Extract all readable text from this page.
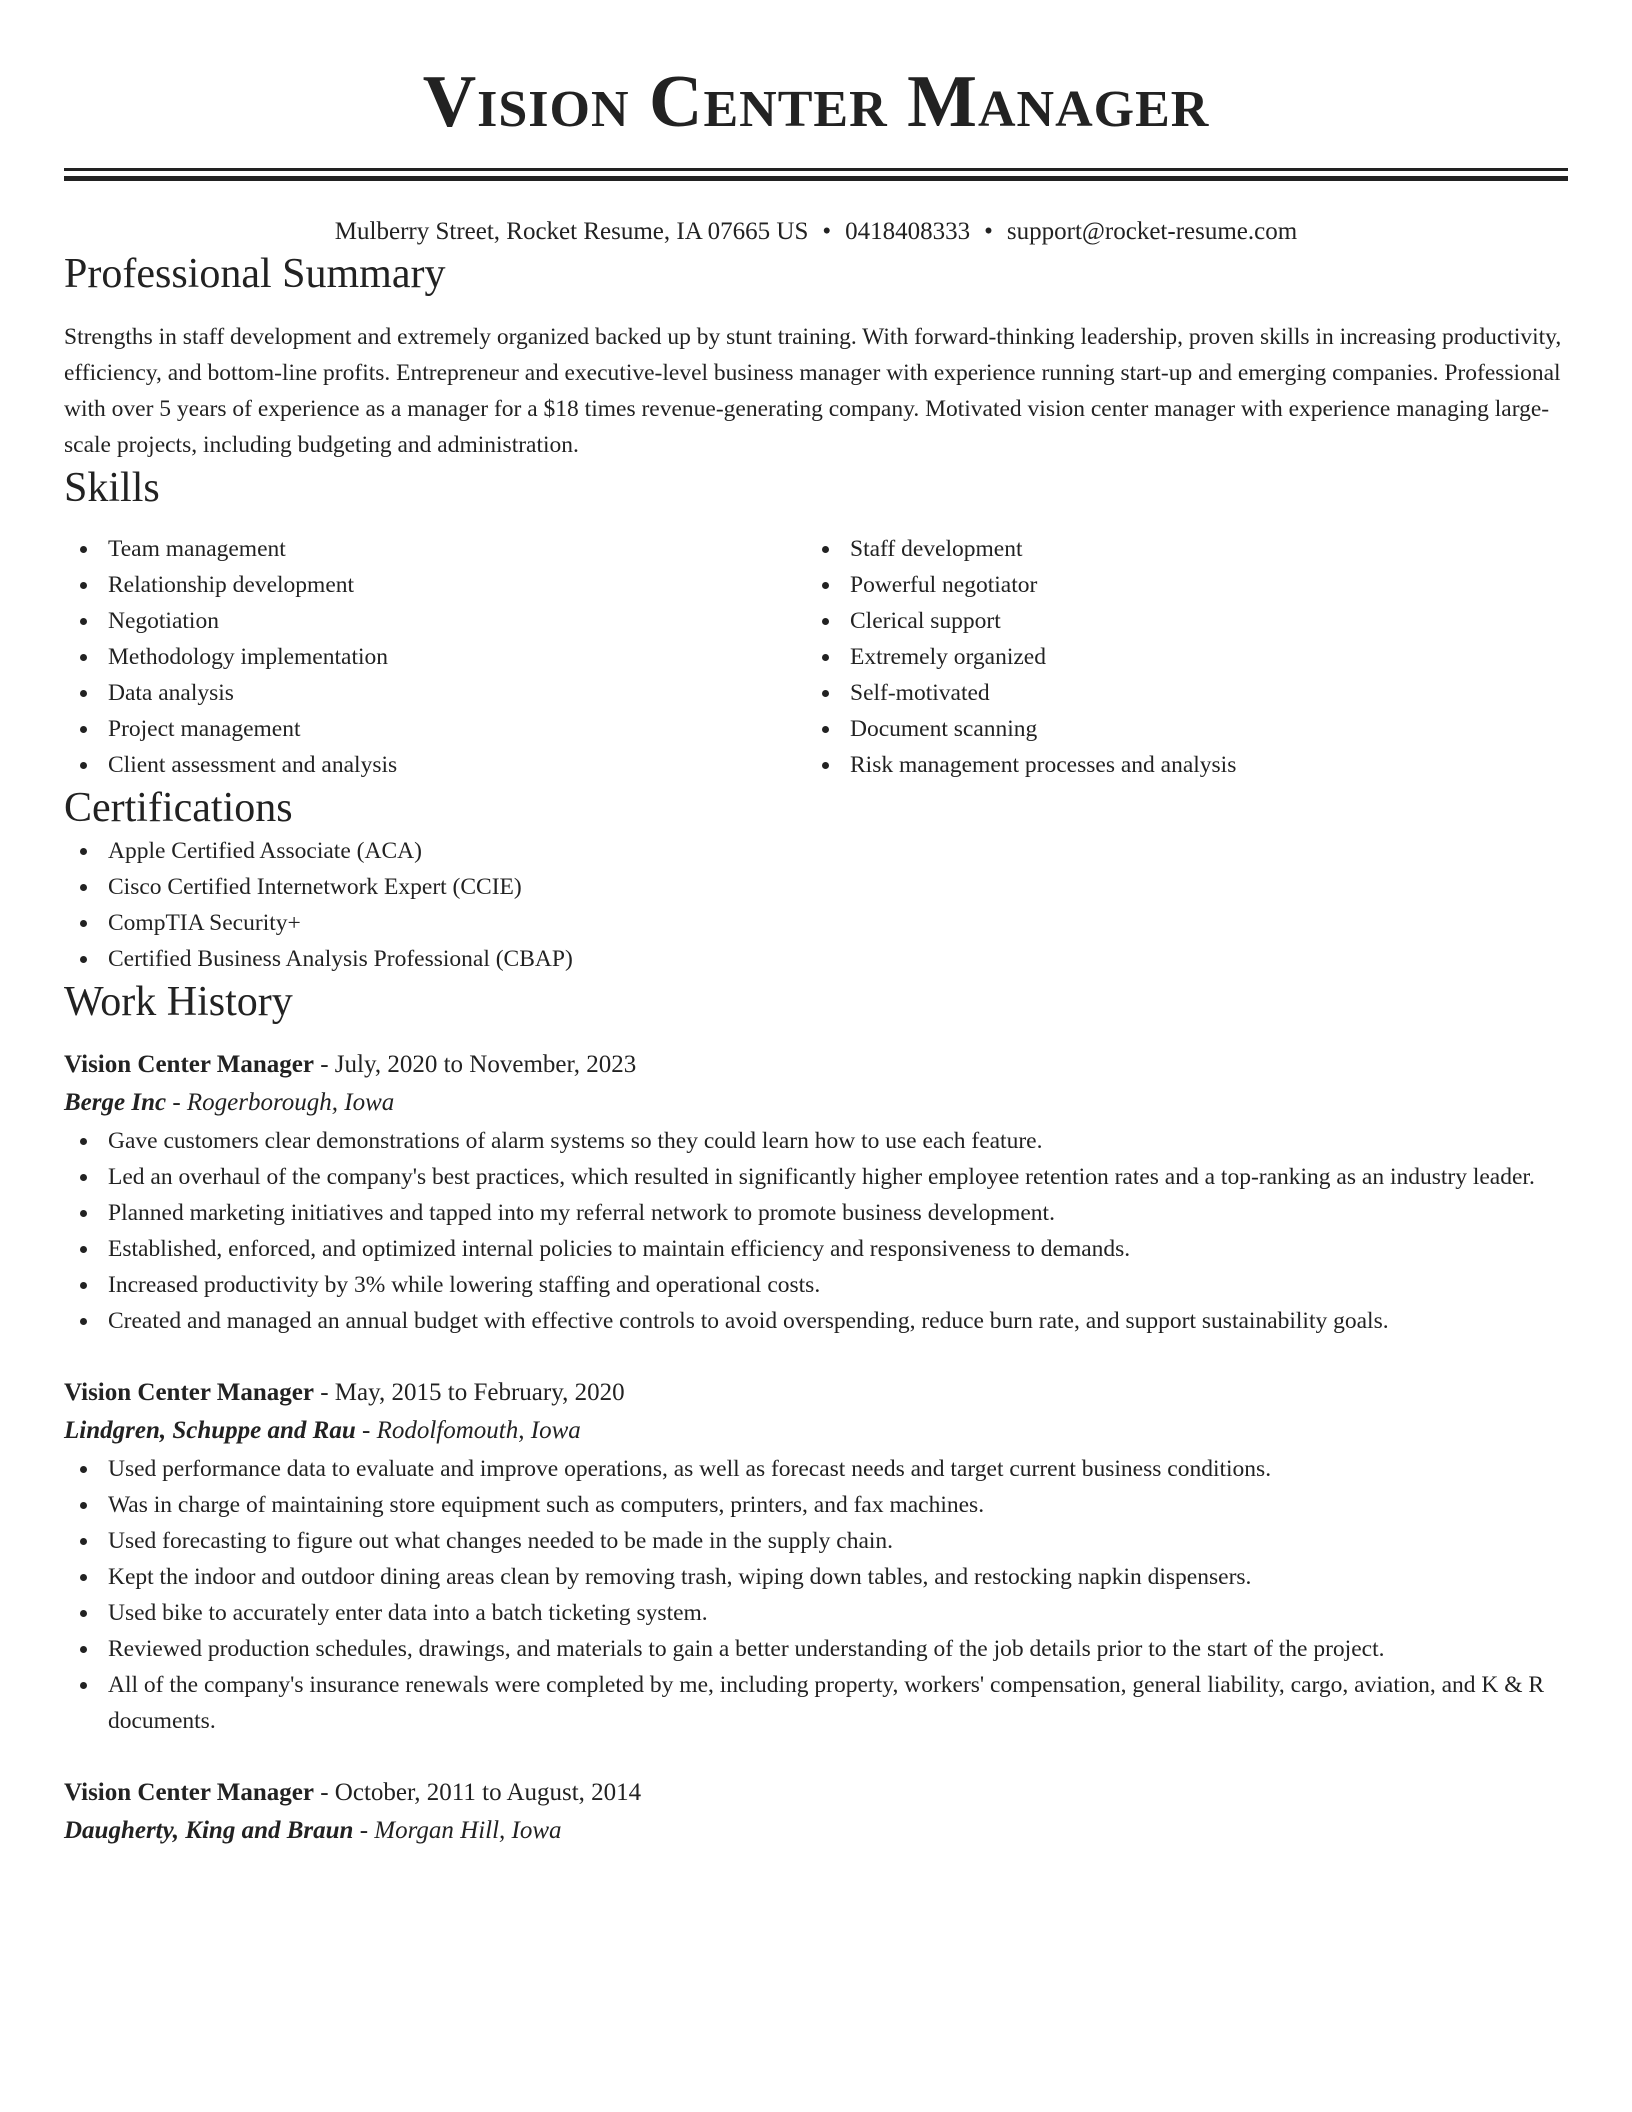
Vision Center Manager
Mulberry Street, Rocket Resume, IA 07665 US • 0418408333 • support@rocket-resume.com
Professional Summary
Strengths in staff development and extremely organized backed up by stunt training. With forward-thinking leadership, proven skills in increasing productivity, efficiency, and bottom-line profits. Entrepreneur and executive-level business manager with experience running start-up and emerging companies. Professional with over 5 years of experience as a manager for a $18 times revenue-generating company. Motivated vision center manager with experience managing large-scale projects, including budgeting and administration.
Skills
Team management
Relationship development
Negotiation
Methodology implementation
Data analysis
Project management
Client assessment and analysis
Staff development
Powerful negotiator
Clerical support
Extremely organized
Self-motivated
Document scanning
Risk management processes and analysis
Certifications
Apple Certified Associate (ACA)
Cisco Certified Internetwork Expert (CCIE)
CompTIA Security+
Certified Business Analysis Professional (CBAP)
Work History
Vision Center Manager - July, 2020 to November, 2023
Berge Inc - Rogerborough, Iowa
Gave customers clear demonstrations of alarm systems so they could learn how to use each feature.
Led an overhaul of the company's best practices, which resulted in significantly higher employee retention rates and a top-ranking as an industry leader.
Planned marketing initiatives and tapped into my referral network to promote business development.
Established, enforced, and optimized internal policies to maintain efficiency and responsiveness to demands.
Increased productivity by 3% while lowering staffing and operational costs.
Created and managed an annual budget with effective controls to avoid overspending, reduce burn rate, and support sustainability goals.
Vision Center Manager - May, 2015 to February, 2020
Lindgren, Schuppe and Rau - Rodolfomouth, Iowa
Used performance data to evaluate and improve operations, as well as forecast needs and target current business conditions.
Was in charge of maintaining store equipment such as computers, printers, and fax machines.
Used forecasting to figure out what changes needed to be made in the supply chain.
Kept the indoor and outdoor dining areas clean by removing trash, wiping down tables, and restocking napkin dispensers.
Used bike to accurately enter data into a batch ticketing system.
Reviewed production schedules, drawings, and materials to gain a better understanding of the job details prior to the start of the project.
All of the company's insurance renewals were completed by me, including property, workers' compensation, general liability, cargo, aviation, and K & R documents.
Vision Center Manager - October, 2011 to August, 2014
Daugherty, King and Braun - Morgan Hill, Iowa
